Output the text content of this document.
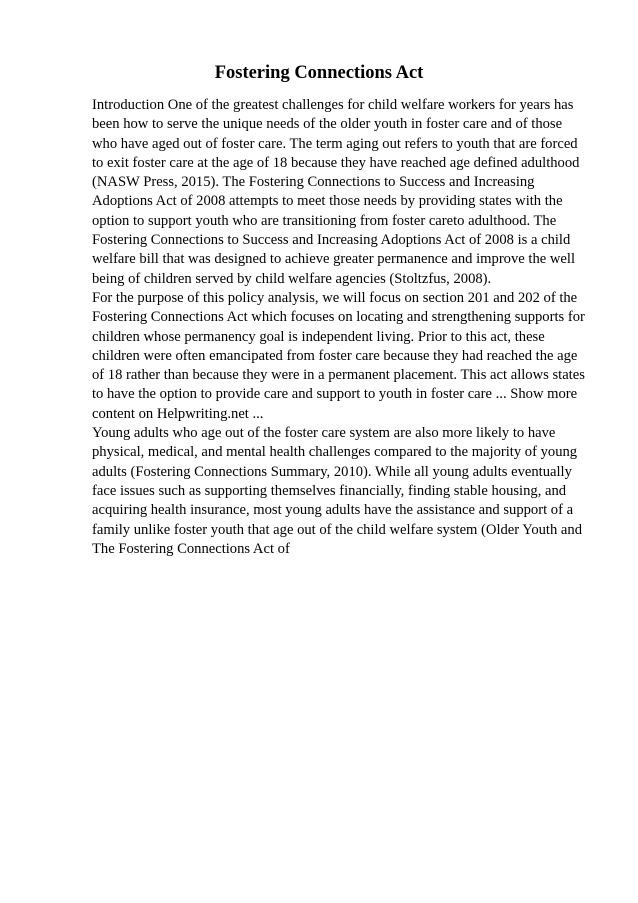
Fostering Connections Act
Introduction One of the greatest challenges for child welfare workers for years has
been how to serve the unique needs of the older youth in foster care and of those
who have aged out of foster care. The term aging out refers to youth that are forced
to exit foster care at the age of 18 because they have reached age defined adulthood
(NASW Press, 2015). The Fostering Connections to Success and Increasing
Adoptions Act of 2008 attempts to meet those needs by providing states with the
option to support youth who are transitioning from foster careto adulthood. The
Fostering Connections to Success and Increasing Adoptions Act of 2008 is a child
welfare bill that was designed to achieve greater permanence and improve the well
being of children served by child welfare agencies (Stoltzfus, 2008).
For the purpose of this policy analysis, we will focus on section 201 and 202 of the
Fostering Connections Act which focuses on locating and strengthening supports for
children whose permanency goal is independent living. Prior to this act, these
children were often emancipated from foster care because they had reached the age
of 18 rather than because they were in a permanent placement. This act allows states
to have the option to provide care and support to youth in foster care ... Show more
content on Helpwriting.net ...
Young adults who age out of the foster care system are also more likely to have
physical, medical, and mental health challenges compared to the majority of young
adults (Fostering Connections Summary, 2010). While all young adults eventually
face issues such as supporting themselves financially, finding stable housing, and
acquiring health insurance, most young adults have the assistance and support of a
family unlike foster youth that age out of the child welfare system (Older Youth and
The Fostering Connections Act of
